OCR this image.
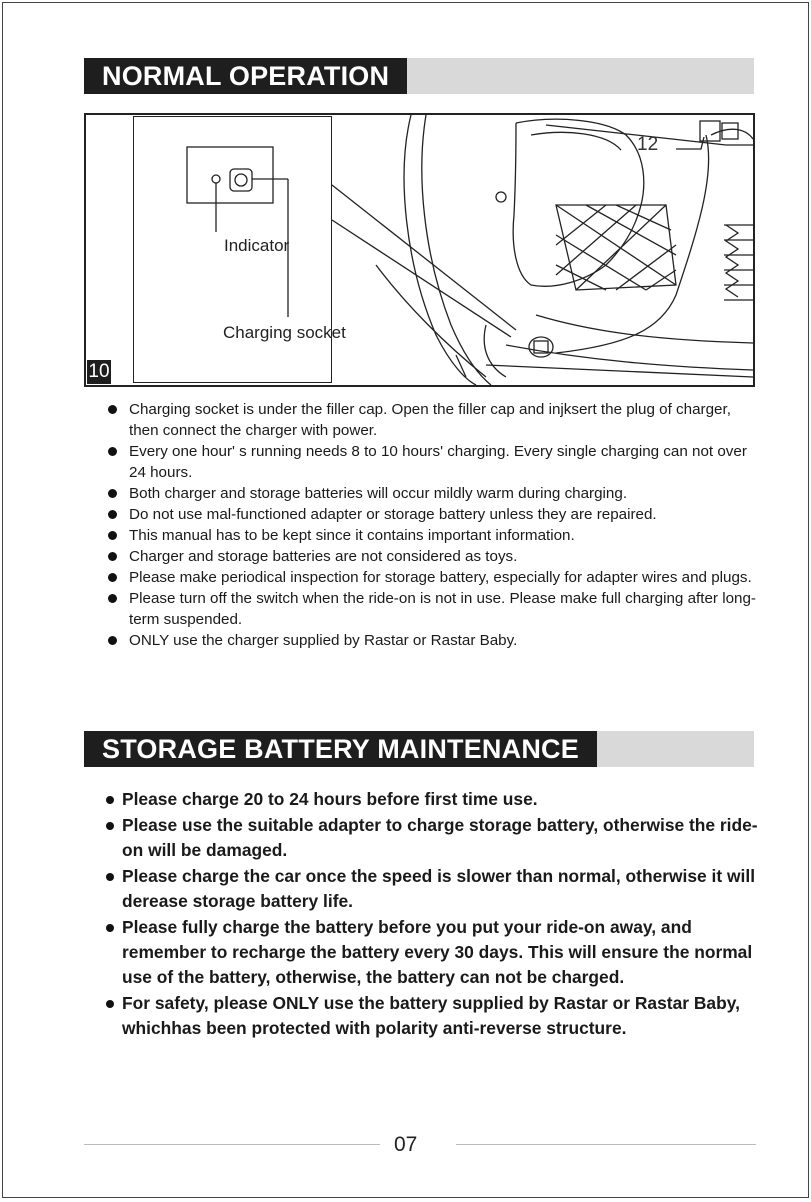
NORMAL OPERATION
12
Indicator
Charging socket
10
Charging socket is under the filler cap. Open the filler cap and injksert the plug of charger, then connect the charger with power.
Every one hour' s running needs 8 to 10 hours' charging. Every single charging can not over 24 hours.
Both charger and storage batteries will occur mildly warm during charging.
Do not use mal-functioned adapter or storage battery unless they are repaired.
This manual has to be kept since it contains important information.
Charger and storage batteries are not considered as toys.
Please make periodical inspection for storage battery, especially for adapter wires and plugs.
Please turn off the switch when the ride-on is not in use. Please make full charging after long-term suspended.
ONLY use the charger supplied by Rastar or Rastar Baby.
STORAGE BATTERY MAINTENANCE
Please charge 20 to 24 hours before first time use.
Please use the suitable adapter to charge storage battery, otherwise the ride-on will be damaged.
Please charge the car once the speed is slower than normal, otherwise it will derease storage battery life.
Please fully charge the battery before you put your ride-on away, and remember to recharge the battery every 30 days. This will ensure the normal use of the battery, otherwise, the battery can not be charged.
For safety, please ONLY use the battery supplied by Rastar or Rastar Baby, whichhas been protected with polarity anti-reverse structure.
07
